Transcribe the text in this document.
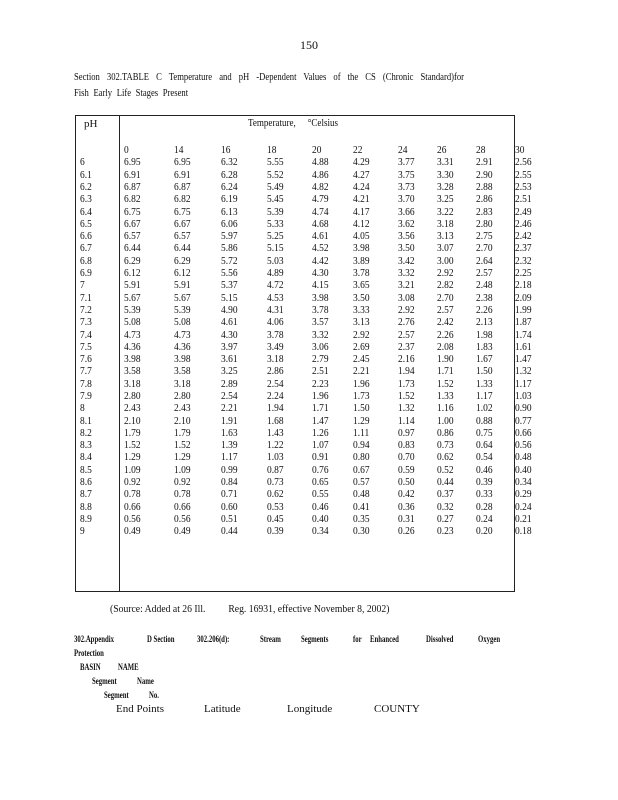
150
Section 302.TABLE C Temperature and pH -Dependent Values of the CS (Chronic Standard)for
Fish Early Life Stages Present
pH	Temperature, °Celsius
	0	14	16	18	20	22	24	26	28	30
6	6.95	6.95	6.32	5.55	4.88	4.29	3.77	3.31	2.91	2.56
6.1	6.91	6.91	6.28	5.52	4.86	4.27	3.75	3.30	2.90	2.55
6.2	6.87	6.87	6.24	5.49	4.82	4.24	3.73	3.28	2.88	2.53
6.3	6.82	6.82	6.19	5.45	4.79	4.21	3.70	3.25	2.86	2.51
6.4	6.75	6.75	6.13	5.39	4.74	4.17	3.66	3.22	2.83	2.49
6.5	6.67	6.67	6.06	5.33	4.68	4.12	3.62	3.18	2.80	2.46
6.6	6.57	6.57	5.97	5.25	4.61	4.05	3.56	3.13	2.75	2.42
6.7	6.44	6.44	5.86	5.15	4.52	3.98	3.50	3.07	2.70	2.37
6.8	6.29	6.29	5.72	5.03	4.42	3.89	3.42	3.00	2.64	2.32
6.9	6.12	6.12	5.56	4.89	4.30	3.78	3.32	2.92	2.57	2.25
7	5.91	5.91	5.37	4.72	4.15	3.65	3.21	2.82	2.48	2.18
7.1	5.67	5.67	5.15	4.53	3.98	3.50	3.08	2.70	2.38	2.09
7.2	5.39	5.39	4.90	4.31	3.78	3.33	2.92	2.57	2.26	1.99
7.3	5.08	5.08	4.61	4.06	3.57	3.13	2.76	2.42	2.13	1.87
7.4	4.73	4.73	4.30	3.78	3.32	2.92	2.57	2.26	1.98	1.74
7.5	4.36	4.36	3.97	3.49	3.06	2.69	2.37	2.08	1.83	1.61
7.6	3.98	3.98	3.61	3.18	2.79	2.45	2.16	1.90	1.67	1.47
7.7	3.58	3.58	3.25	2.86	2.51	2.21	1.94	1.71	1.50	1.32
7.8	3.18	3.18	2.89	2.54	2.23	1.96	1.73	1.52	1.33	1.17
7.9	2.80	2.80	2.54	2.24	1.96	1.73	1.52	1.33	1.17	1.03
8	2.43	2.43	2.21	1.94	1.71	1.50	1.32	1.16	1.02	0.90
8.1	2.10	2.10	1.91	1.68	1.47	1.29	1.14	1.00	0.88	0.77
8.2	1.79	1.79	1.63	1.43	1.26	1.11	0.97	0.86	0.75	0.66
8.3	1.52	1.52	1.39	1.22	1.07	0.94	0.83	0.73	0.64	0.56
8.4	1.29	1.29	1.17	1.03	0.91	0.80	0.70	0.62	0.54	0.48
8.5	1.09	1.09	0.99	0.87	0.76	0.67	0.59	0.52	0.46	0.40
8.6	0.92	0.92	0.84	0.73	0.65	0.57	0.50	0.44	0.39	0.34
8.7	0.78	0.78	0.71	0.62	0.55	0.48	0.42	0.37	0.33	0.29
8.8	0.66	0.66	0.60	0.53	0.46	0.41	0.36	0.32	0.28	0.24
8.9	0.56	0.56	0.51	0.45	0.40	0.35	0.31	0.27	0.24	0.21
9	0.49	0.49	0.44	0.39	0.34	0.30	0.26	0.23	0.20	0.18
(Source: Added at 26 Ill. Reg. 16931, effective November 8, 2002)
302.Appendix	D Section 302.206(d):	Stream Segments	for Enhanced	Dissolved	Oxygen
Protection
BASIN NAME
Segment Name
Segment No.
End Points	Latitude	Longitude	COUNTY
